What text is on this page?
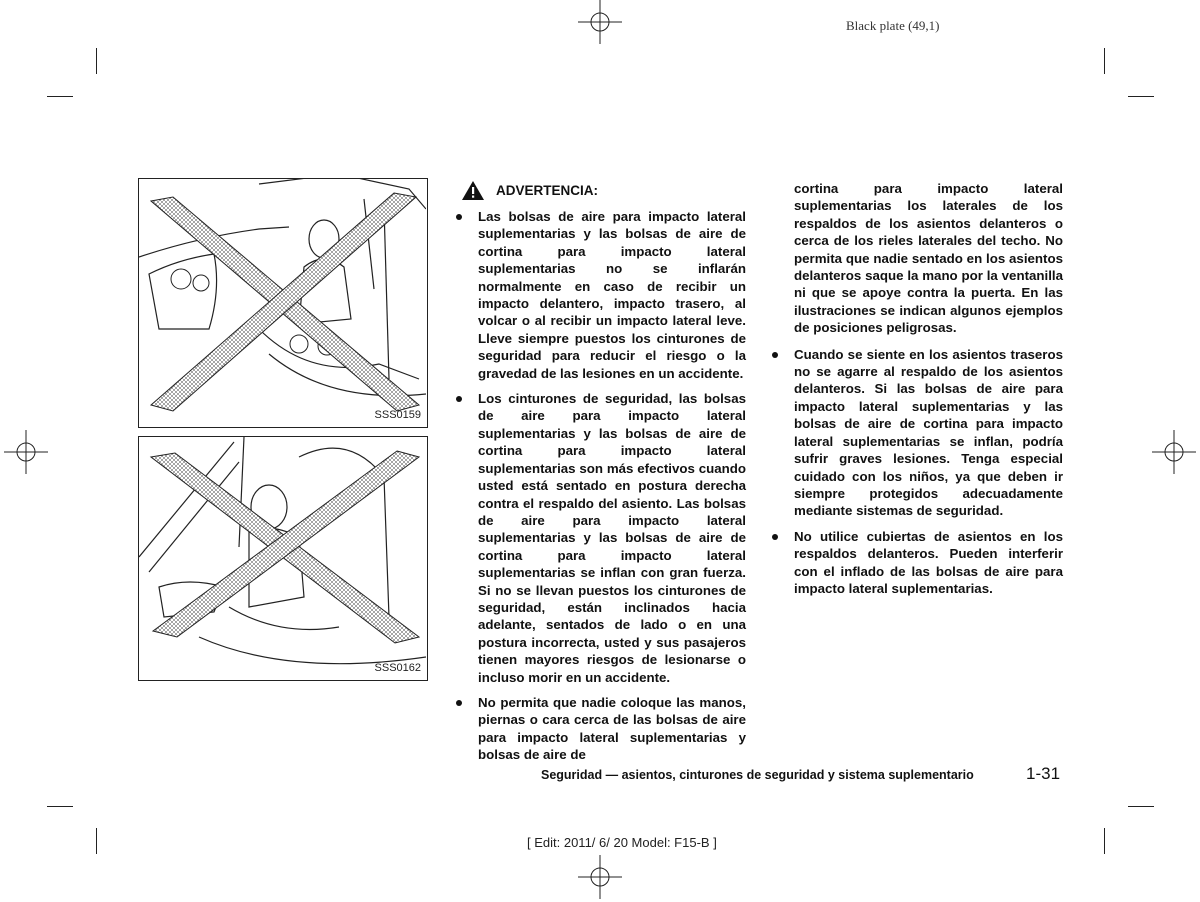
Black plate (49,1)
SSS0159
SSS0162
ADVERTENCIA:

Las bolsas de aire para impacto lateral suplementarias y las bolsas de aire de cortina para impacto lateral suplementarias no se inflarán normalmente en caso de recibir un impacto delantero, impacto trasero, al volcar o al recibir un impacto lateral leve. Lleve siempre puestos los cinturones de seguridad para reducir el riesgo o la gravedad de las lesiones en un accidente.

Los cinturones de seguridad, las bolsas de aire para impacto lateral suplementarias y las bolsas de aire de cortina para impacto lateral suplementarias son más efectivos cuando usted está sentado en postura derecha contra el respaldo del asiento. Las bolsas de aire para impacto lateral suplementarias y las bolsas de aire de cortina para impacto lateral suplementarias se inflan con gran fuerza. Si no se llevan puestos los cinturones de seguridad, están inclinados hacia adelante, sentados de lado o en una postura incorrecta, usted y sus pasajeros tienen mayores riesgos de lesionarse o incluso morir en un accidente.

No permita que nadie coloque las manos, piernas o cara cerca de las bolsas de aire para impacto lateral suplementarias y bolsas de aire de

cortina para impacto lateral suplementarias los laterales de los respaldos de los asientos delanteros o cerca de los rieles laterales del techo. No permita que nadie sentado en los asientos delanteros saque la mano por la ventanilla ni que se apoye contra la puerta. En las ilustraciones se indican algunos ejemplos de posiciones peligrosas.

Cuando se siente en los asientos traseros no se agarre al respaldo de los asientos delanteros. Si las bolsas de aire para impacto lateral suplementarias y las bolsas de aire de cortina para impacto lateral suplementarias se inflan, podría sufrir graves lesiones. Tenga especial cuidado con los niños, ya que deben ir siempre protegidos adecuadamente mediante sistemas de seguridad.

No utilice cubiertas de asientos en los respaldos delanteros. Pueden interferir con el inflado de las bolsas de aire para impacto lateral suplementarias.

Seguridad — asientos, cinturones de seguridad y sistema suplementario	1-31
[ Edit: 2011/ 6/ 20 Model: F15-B ]
